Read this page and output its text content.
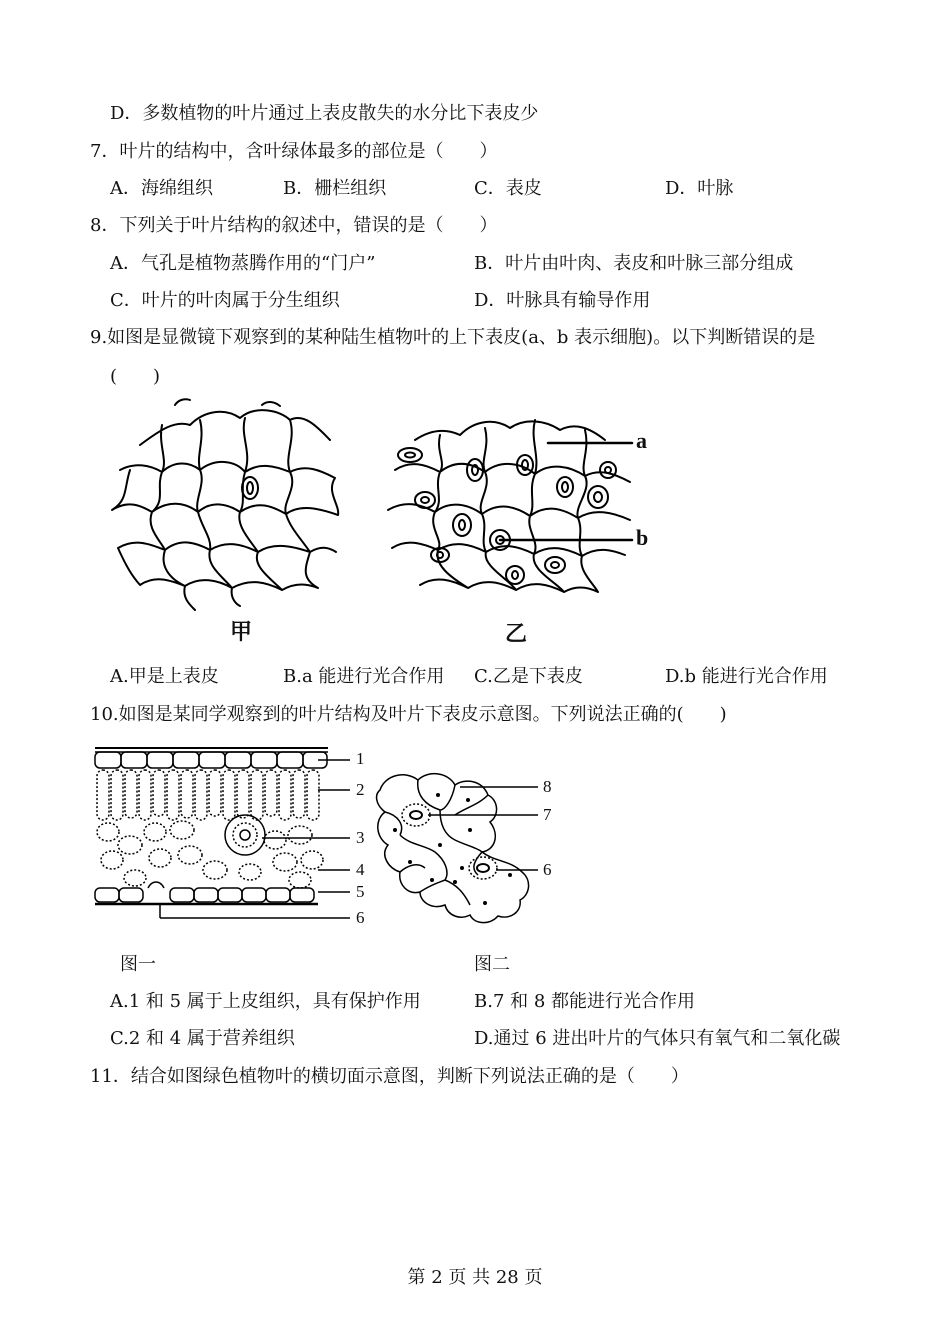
D．多数植物的叶片通过上表皮散失的水分比下表皮少
7．叶片的结构中，含叶绿体最多的部位是（　　）
A．海绵组织	B．栅栏组织	C．表皮	D．叶脉
8．下列关于叶片结构的叙述中，错误的是（　　）
A．气孔是植物蒸腾作用的“门户”	B．叶片由叶肉、表皮和叶脉三部分组成
C．叶片的叶肉属于分生组织	D．叶脉具有输导作用
9.如图是显微镜下观察到的某种陆生植物叶的上下表皮(a、b 表示细胞)。以下判断错误的是
(　　)
a
b
甲	乙
A.甲是上表皮	B.a 能进行光合作用 C.乙是下表皮	D.b 能进行光合作用
10.如图是某同学观察到的叶片结构及叶片下表皮示意图。下列说法正确的(　　)
1
2
3
4
5
6
8
7
6
图一	图二
A.1 和 5 属于上皮组织，具有保护作用	B.7 和 8 都能进行光合作用
C.2 和 4 属于营养组织	D.通过 6 进出叶片的气体只有氧气和二氧化碳
11．结合如图绿色植物叶的横切面示意图，判断下列说法正确的是（　　）
第 2 页 共 28 页
